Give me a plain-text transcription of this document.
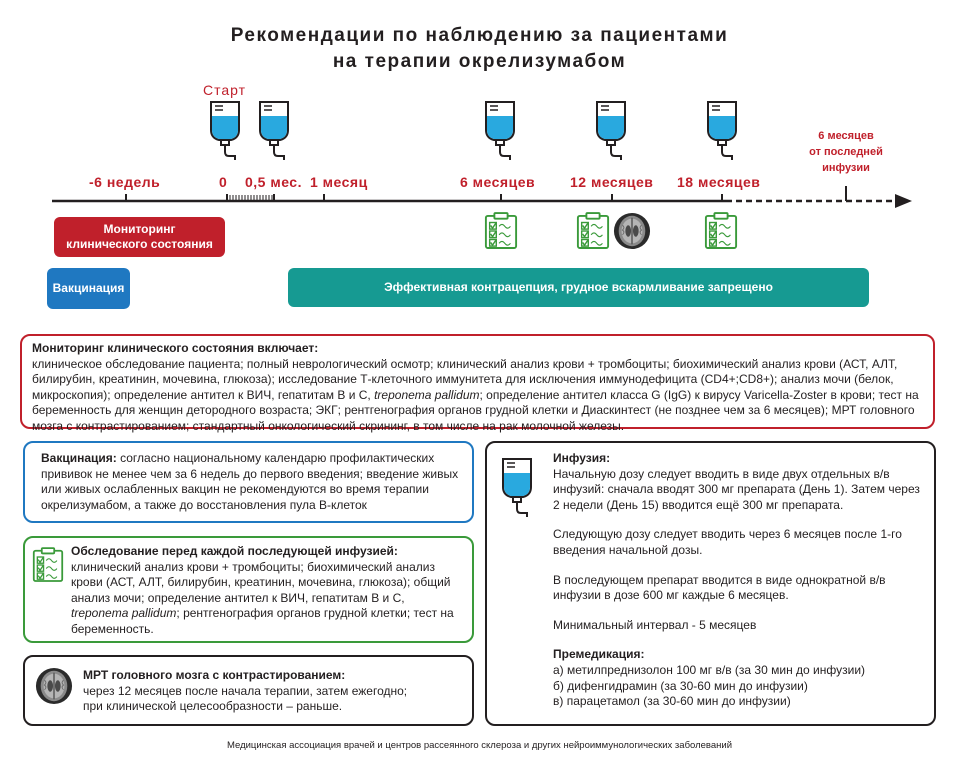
Рекомендации по наблюдению за пациентами
на терапии окрелизумабом
Старт
6 месяцев
от последней
инфузии
-6 недель	0 0,5 мес. 1 месяц	6 месяцев 12 месяцев 18 месяцев
Мониторинг
клинического состояния
Вакцинация	Эффективная контрацепция, грудное вскармливание запрещено
Мониторинг клинического состояния включает:
клиническое обследование пациента; полный неврологический осмотр; клинический анализ крови + тромбоциты; биохимический анализ крови (АСТ, АЛТ, билирубин, креатинин, мочевина, глюкоза); исследование Т-клеточного иммунитета для исключения иммунодефицита (CD4+;CD8+); анализ мочи (белок, микроскопия); определение антител к ВИЧ, гепатитам В и С, treponema pallidum; определение антител класса G (IgG) к вирусу Varicella-Zoster в крови; тест на беременность для женщин детородного возраста; ЭКГ; рентгенография органов грудной клетки и Диаскинтест (не позднее чем за 6 месяцев); МРТ головного мозга с контрастированием; стандартный онкологический скрининг, в том числе на рак молочной железы.
Вакцинация: согласно национальному календарю профилактических прививок не менее чем за 6 недель до первого введения; введение живых или живых ослабленных вакцин не рекомендуются во время терапии окрелизумабом, а также до восстановления пула В-клеток
Обследование перед каждой последующей инфузией:
клинический анализ крови + тромбоциты; биохимический анализ крови (АСТ, АЛТ, билирубин, креатинин, мочевина, глюкоза); общий анализ мочи; определение антител к ВИЧ, гепатитам В и С, treponema pallidum; рентгенография органов грудной клетки; тест на беременность.
МРТ головного мозга с контрастированием:
через 12 месяцев после начала терапии, затем ежегодно;
при клинической целесообразности – раньше.
Инфузия:
Начальную дозу следует вводить в виде двух отдельных в/в инфузий: сначала вводят 300 мг препарата (День 1). Затем через 2 недели (День 15) вводится ещё 300 мг препарата.
Следующую дозу следует вводить через 6 месяцев после 1-го введения начальной дозы.
В последующем препарат вводится в виде однократной в/в инфузии в дозе 600 мг каждые 6 месяцев.
Минимальный интервал - 5 месяцев
Премедикация:
а) метилпреднизолон 100 мг в/в (за 30 мин до инфузии)
б) дифенгидрамин (за 30-60 мин до инфузии)
в) парацетамол (за 30-60 мин до инфузии)
Медицинская ассоциация врачей и центров рассеянного склероза и других нейроиммунологических заболеваний
